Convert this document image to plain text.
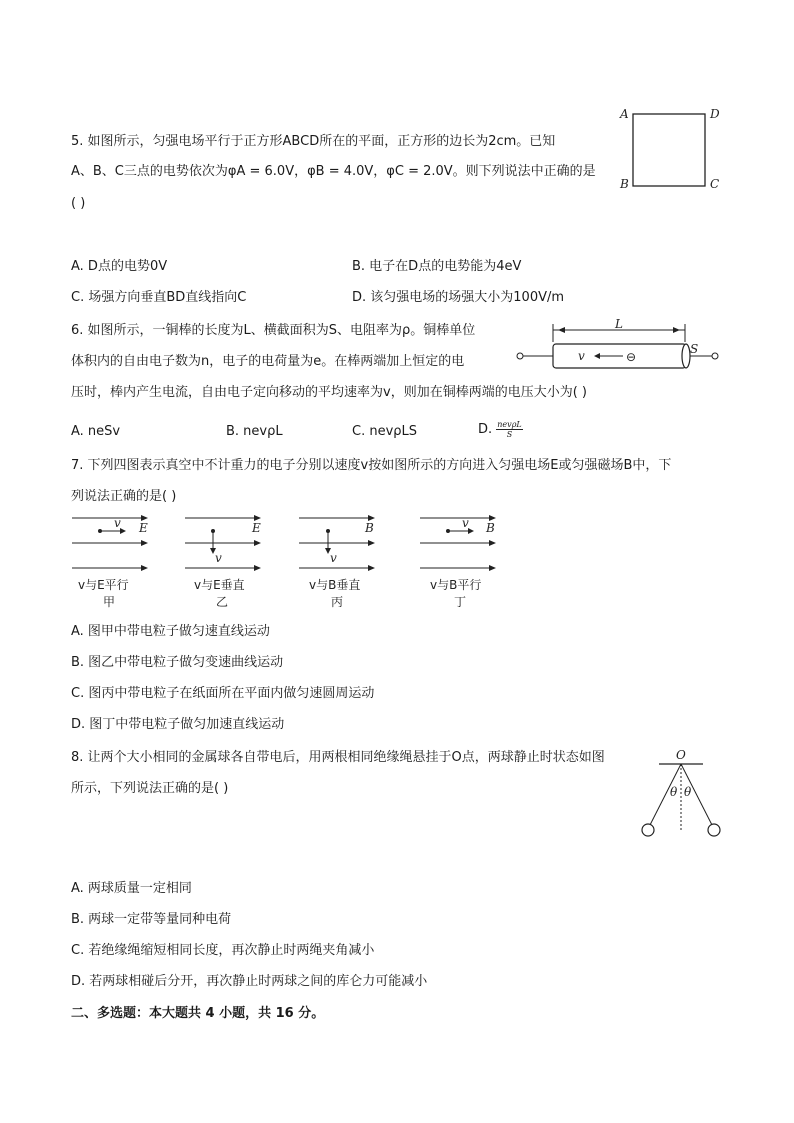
5. 如图所示，匀强电场平行于正方形ABCD所在的平面，正方形的边长为2cm。已知
A、B、C三点的电势依次为φA = 6.0V，φB = 4.0V，φC = 2.0V。则下列说法中正确的是
( )
A	D
B	C
A. D点的电势0V	B. 电子在D点的电势能为4eV
C. 场强方向垂直BD直线指向C	D. 该匀强电场的场强大小为100V/m
6. 如图所示，一铜棒的长度为L、横截面积为S、电阻率为ρ。铜棒单位
体积内的自由电子数为n，电子的电荷量为e。在棒两端加上恒定的电
压时，棒内产生电流，自由电子定向移动的平均速率为v，则加在铜棒两端的电压大小为( )
L
S
v	⊖
A. neSv	B. nevρL	C. nevρLS	D. $\frac{\text{nevρL}}{S}$
7. 下列四图表示真空中不计重力的电子分别以速度v按如图所示的方向进入匀强电场E或匀强磁场B中，下
列说法正确的是( )
v E
v与E平行
甲
v
E
v与E垂直
乙
v
B
v与B垂直
丙
v B
v与B平行
丁
A. 图甲中带电粒子做匀速直线运动
B. 图乙中带电粒子做匀变速曲线运动
C. 图丙中带电粒子在纸面所在平面内做匀速圆周运动
D. 图丁中带电粒子做匀加速直线运动
8. 让两个大小相同的金属球各自带电后，用两根相同绝缘绳悬挂于O点，两球静止时状态如图
所示，下列说法正确的是( )
O
θ θ
A. 两球质量一定相同
B. 两球一定带等量同种电荷
C. 若绝缘绳缩短相同长度，再次静止时两绳夹角减小
D. 若两球相碰后分开，再次静止时两球之间的库仑力可能减小
二、多选题：本大题共 4 小题，共 16 分。
